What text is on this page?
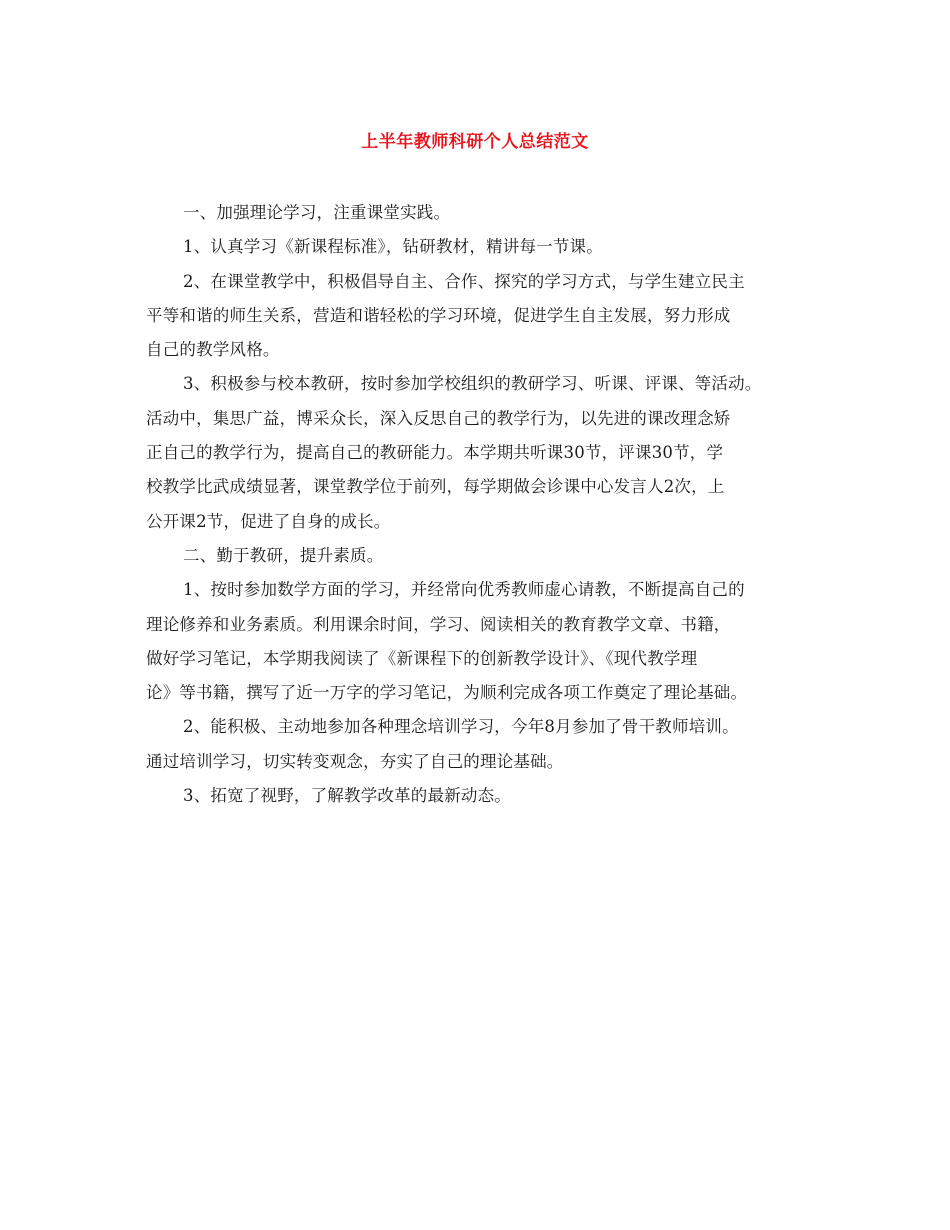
上半年教师科研个人总结范文
一、加强理论学习，注重课堂实践。
1、认真学习《新课程标准》，钻研教材，精讲每一节课。
2、在课堂教学中，积极倡导自主、合作、探究的学习方式，与学生建立民主
平等和谐的师生关系，营造和谐轻松的学习环境，促进学生自主发展，努力形成
自己的教学风格。
3、积极参与校本教研，按时参加学校组织的教研学习、听课、评课、等活动。
活动中，集思广益，博采众长，深入反思自己的教学行为，以先进的课改理念矫
正自己的教学行为，提高自己的教研能力。本学期共听课30节，评课30节，学
校教学比武成绩显著，课堂教学位于前列，每学期做会诊课中心发言人2次，上
公开课2节，促进了自身的成长。
二、勤于教研，提升素质。
1、按时参加数学方面的学习，并经常向优秀教师虚心请教，不断提高自己的
理论修养和业务素质。利用课余时间，学习、阅读相关的教育教学文章、书籍，
做好学习笔记，本学期我阅读了《新课程下的创新教学设计》、《现代教学理
论》等书籍，撰写了近一万字的学习笔记，为顺利完成各项工作奠定了理论基础。
2、能积极、主动地参加各种理念培训学习，今年8月参加了骨干教师培训。
通过培训学习，切实转变观念，夯实了自己的理论基础。
3、拓宽了视野，了解教学改革的最新动态。
